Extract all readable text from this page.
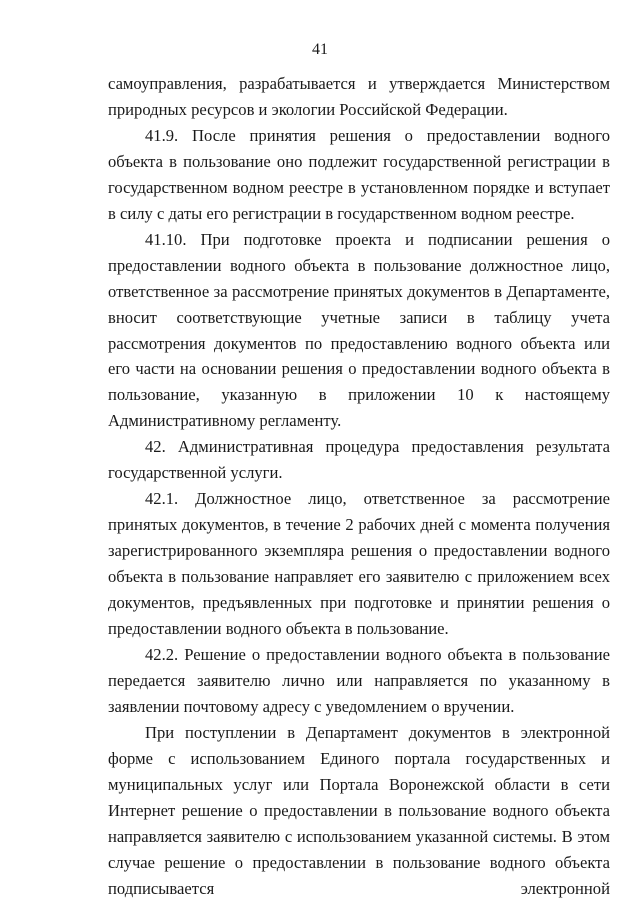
41

самоуправления, разрабатывается и утверждается Министерством природных ресурсов и экологии Российской Федерации.

41.9. После принятия решения о предоставлении водного объекта в пользование оно подлежит государственной регистрации в государственном водном реестре в установленном порядке и вступает в силу с даты его регистрации в государственном водном реестре.

41.10. При подготовке проекта и подписании решения о предоставлении водного объекта в пользование должностное лицо, ответственное за рассмотрение принятых документов в Департаменте, вносит соответствующие учетные записи в таблицу учета рассмотрения документов по предоставлению водного объекта или его части на основании решения о предоставлении водного объекта в пользование, указанную в приложении 10 к настоящему Административному регламенту.

42. Административная процедура предоставления результата государственной услуги.

42.1. Должностное лицо, ответственное за рассмотрение принятых документов, в течение 2 рабочих дней с момента получения зарегистрированного экземпляра решения о предоставлении водного объекта в пользование направляет его заявителю с приложением всех документов, предъявленных при подготовке и принятии решения о предоставлении водного объекта в пользование.

42.2. Решение о предоставлении водного объекта в пользование передается заявителю лично или направляется по указанному в заявлении почтовому адресу с уведомлением о вручении.

При поступлении в Департамент документов в электронной форме с использованием Единого портала государственных и муниципальных услуг или Портала Воронежской области в сети Интернет решение о предоставлении в пользование водного объекта направляется заявителю с использованием указанной системы. В этом случае решение о предоставлении в пользование водного объекта подписывается электронной
